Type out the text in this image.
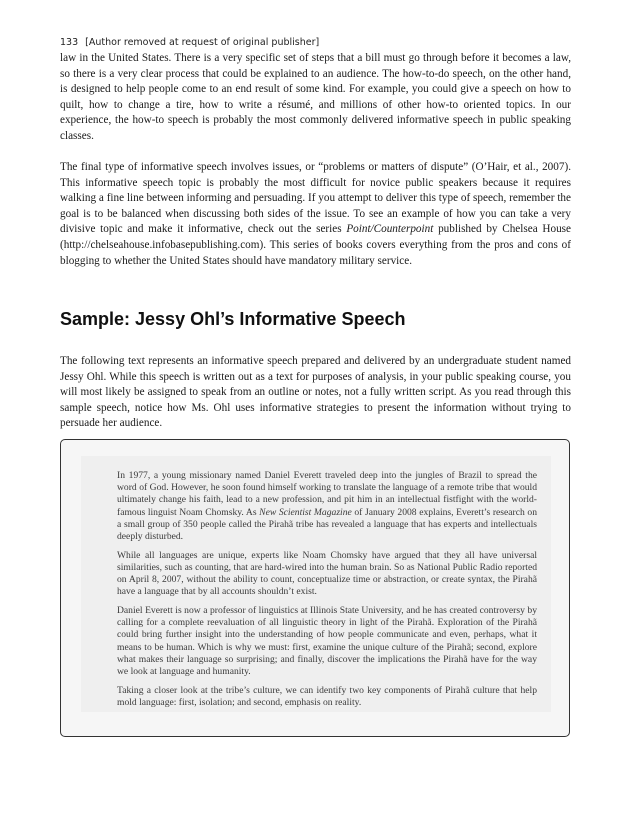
133 [Author removed at request of original publisher]

law in the United States. There is a very specific set of steps that a bill must go through before it becomes a law, so there is a very clear process that could be explained to an audience. The how-to-do speech, on the other hand, is designed to help people come to an end result of some kind. For example, you could give a speech on how to quilt, how to change a tire, how to write a résumé, and millions of other how-to oriented topics. In our experience, the how-to speech is probably the most commonly delivered informative speech in public speaking classes.

The final type of informative speech involves issues, or “problems or matters of dispute” (O’Hair, et al., 2007). This informative speech topic is probably the most difficult for novice public speakers because it requires walking a fine line between informing and persuading. If you attempt to deliver this type of speech, remember the goal is to be balanced when discussing both sides of the issue. To see an example of how you can take a very divisive topic and make it informative, check out the series Point/Counterpoint published by Chelsea House (http://chelseahouse.infobasepublishing.com). This series of books covers everything from the pros and cons of blogging to whether the United States should have mandatory military service.

Sample: Jessy Ohl’s Informative Speech

The following text represents an informative speech prepared and delivered by an undergraduate student named Jessy Ohl. While this speech is written out as a text for purposes of analysis, in your public speaking course, you will most likely be assigned to speak from an outline or notes, not a fully written script. As you read through this sample speech, notice how Ms. Ohl uses informative strategies to present the information without trying to persuade her audience.

In 1977, a young missionary named Daniel Everett traveled deep into the jungles of Brazil to spread the word of God. However, he soon found himself working to translate the language of a remote tribe that would ultimately change his faith, lead to a new profession, and pit him in an intellectual fistfight with the world-famous linguist Noam Chomsky. As New Scientist Magazine of January 2008 explains, Everett’s research on a small group of 350 people called the Pirahã tribe has revealed a language that has experts and intellectuals deeply disturbed.

While all languages are unique, experts like Noam Chomsky have argued that they all have universal similarities, such as counting, that are hard-wired into the human brain. So as National Public Radio reported on April 8, 2007, without the ability to count, conceptualize time or abstraction, or create syntax, the Pirahã have a language that by all accounts shouldn’t exist.

Daniel Everett is now a professor of linguistics at Illinois State University, and he has created controversy by calling for a complete reevaluation of all linguistic theory in light of the Pirahã. Exploration of the Pirahã could bring further insight into the understanding of how people communicate and even, perhaps, what it means to be human. Which is why we must: first, examine the unique culture of the Pirahã; second, explore what makes their language so surprising; and finally, discover the implications the Pirahã have for the way we look at language and humanity.

Taking a closer look at the tribe’s culture, we can identify two key components of Pirahã culture that help mold language: first, isolation; and second, emphasis on reality.
